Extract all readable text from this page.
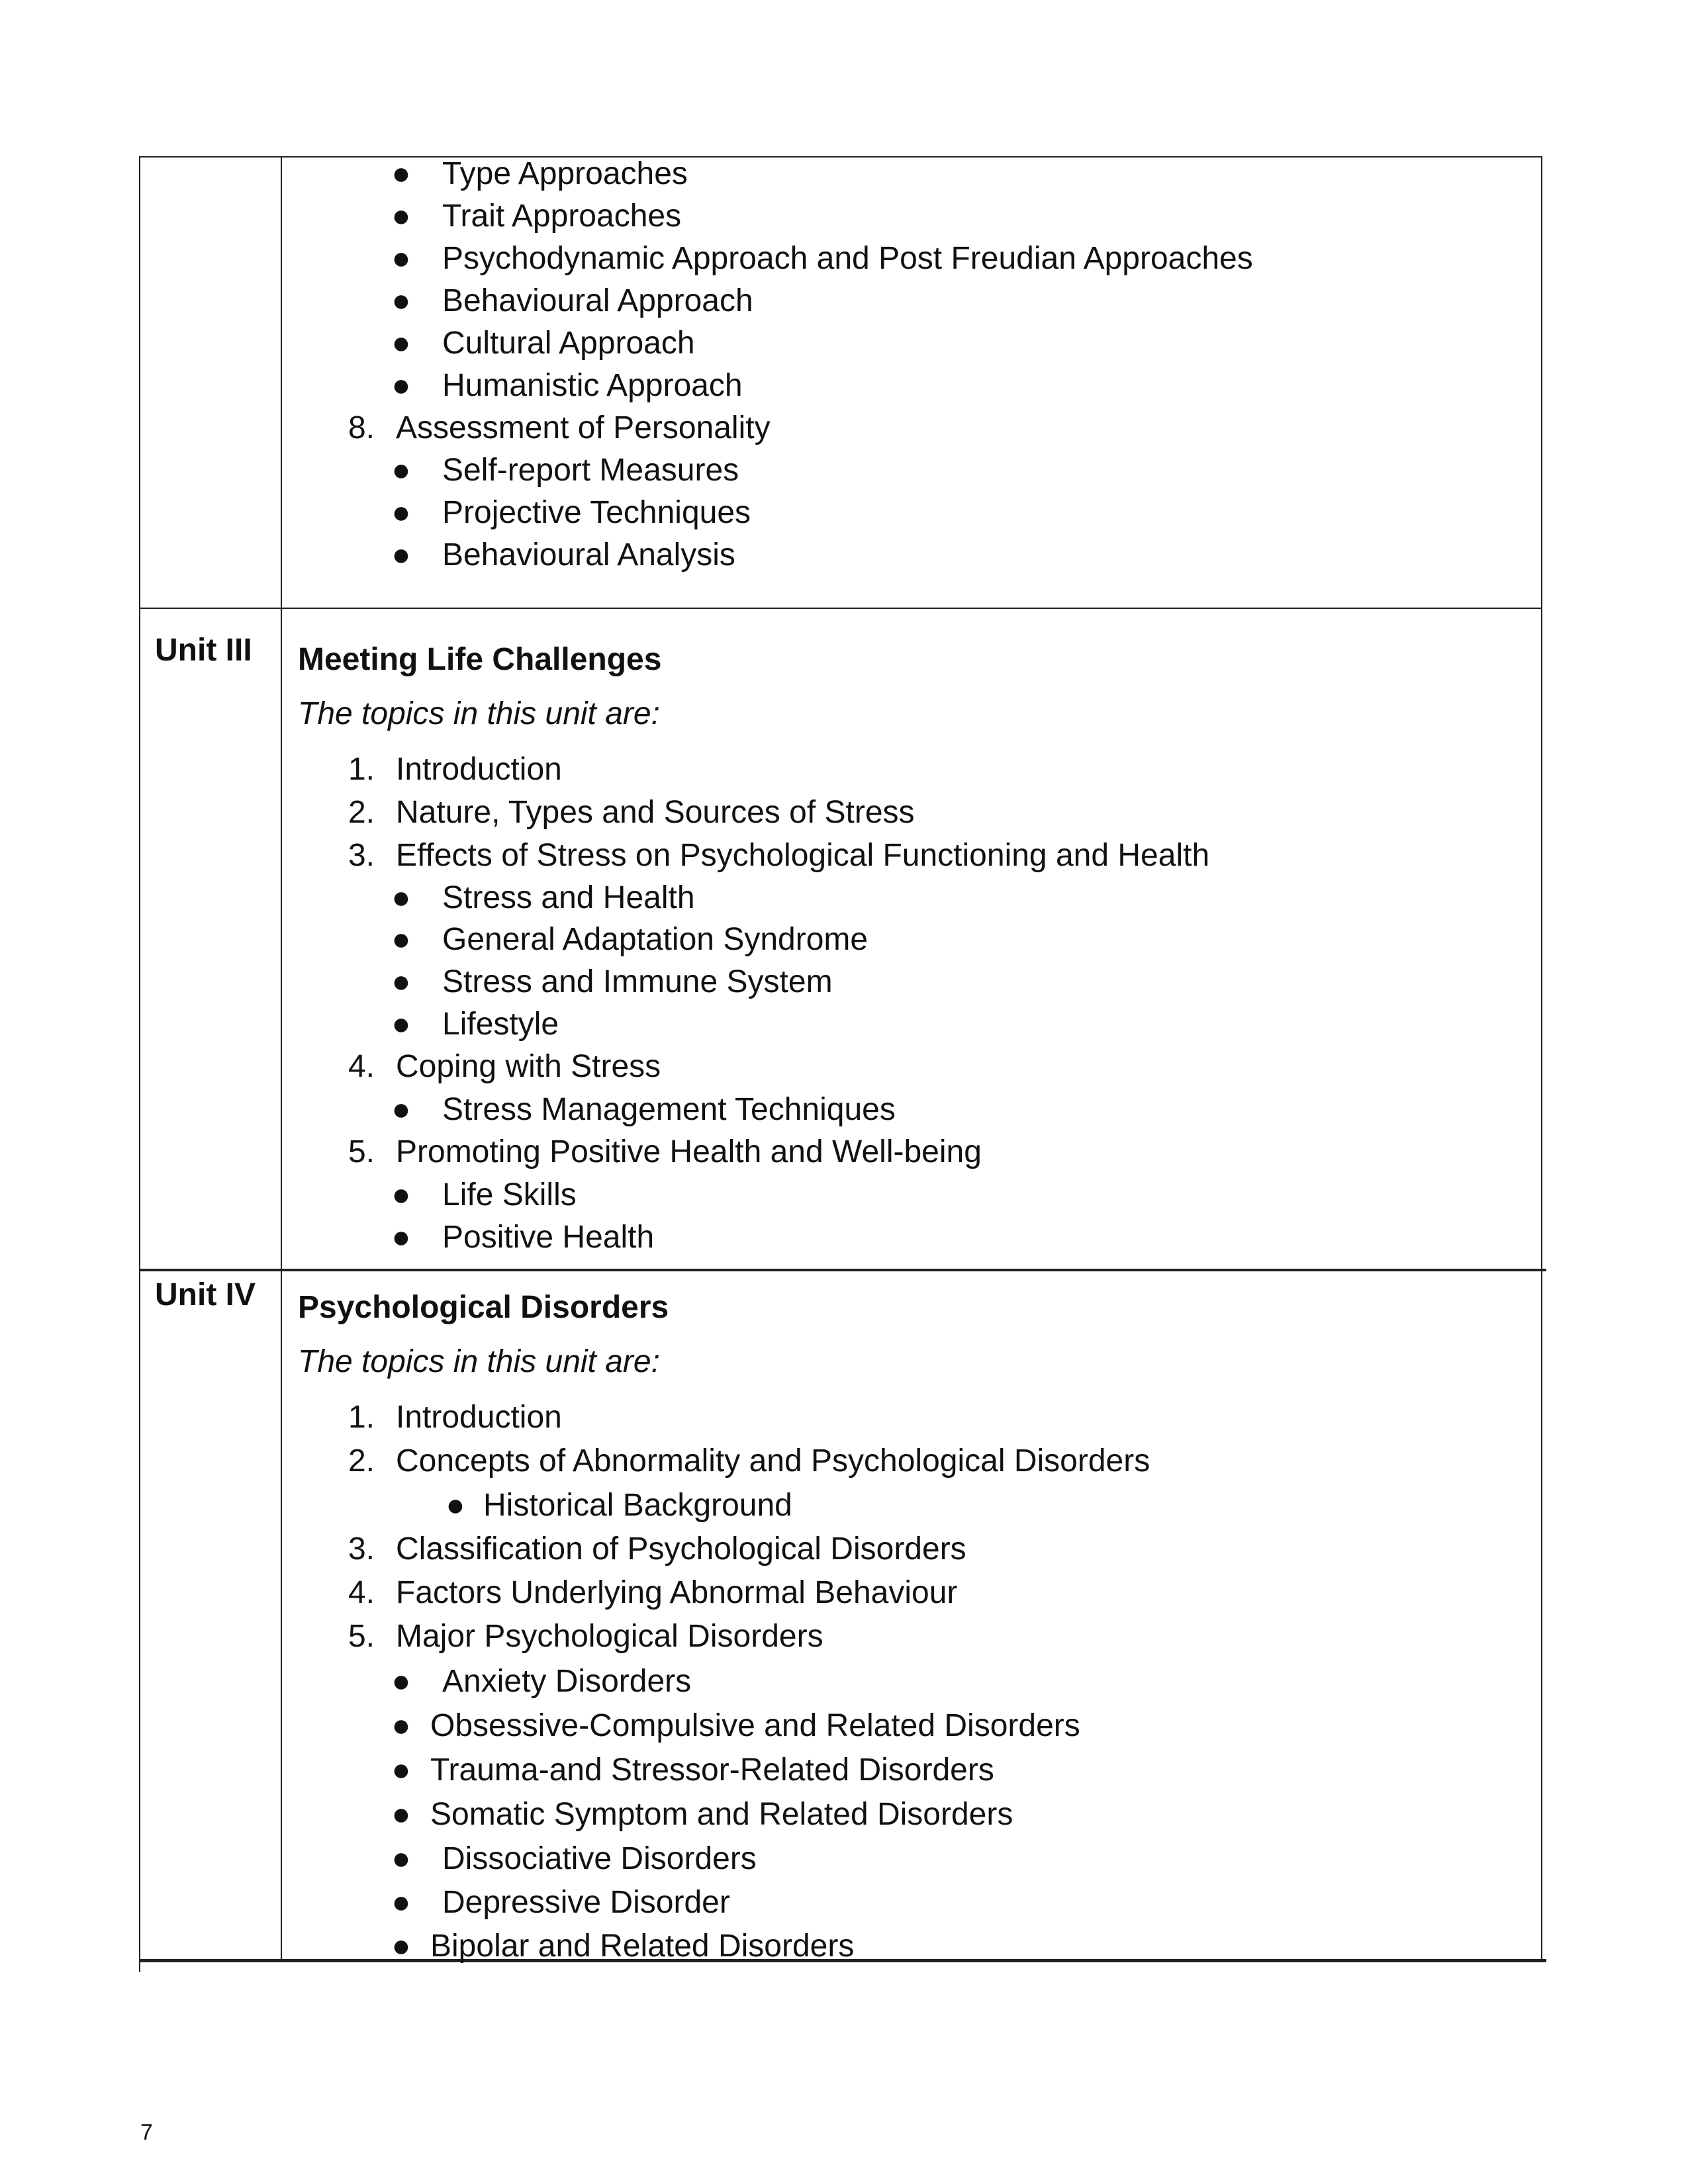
● Type Approaches
● Trait Approaches
● Psychodynamic Approach and Post Freudian Approaches
● Behavioural Approach
● Cultural Approach
● Humanistic Approach
8. Assessment of Personality
● Self-report Measures
● Projective Techniques
● Behavioural Analysis
Unit III Meeting Life Challenges
The topics in this unit are:
1. Introduction
2. Nature, Types and Sources of Stress
3. Effects of Stress on Psychological Functioning and Health
● Stress and Health
● General Adaptation Syndrome
● Stress and Immune System
● Lifestyle
4. Coping with Stress
● Stress Management Techniques
5. Promoting Positive Health and Well-being
● Life Skills
● Positive Health
Unit IV Psychological Disorders
The topics in this unit are:
1. Introduction
2. Concepts of Abnormality and Psychological Disorders
● Historical Background
3. Classification of Psychological Disorders
4. Factors Underlying Abnormal Behaviour
5. Major Psychological Disorders
● Anxiety Disorders
● Obsessive-Compulsive and Related Disorders
● Trauma-and Stressor-Related Disorders
● Somatic Symptom and Related Disorders
● Dissociative Disorders
● Depressive Disorder
● Bipolar and Related Disorders
7
